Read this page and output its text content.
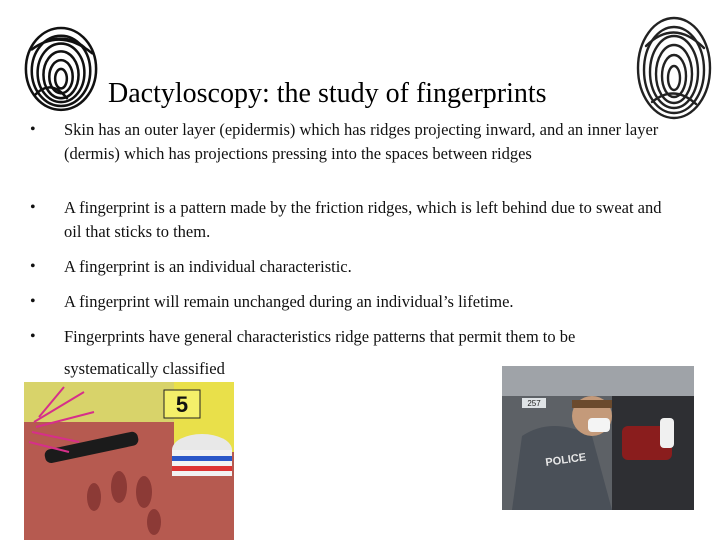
Dactyloscopy: the study of fingerprints
•	Skin has an outer layer (epidermis) which has ridges projecting inward, and an inner layer (dermis) which has projections pressing into the spaces between ridges
•	A fingerprint is a pattern made by the friction ridges, which is left behind due to sweat and oil that sticks to them.
•	A fingerprint is an individual characteristic.
•	A fingerprint will remain unchanged during an individual’s lifetime.
•	Fingerprints have general characteristics ridge patterns that permit them to be systematically classified
5	257
POLICE
